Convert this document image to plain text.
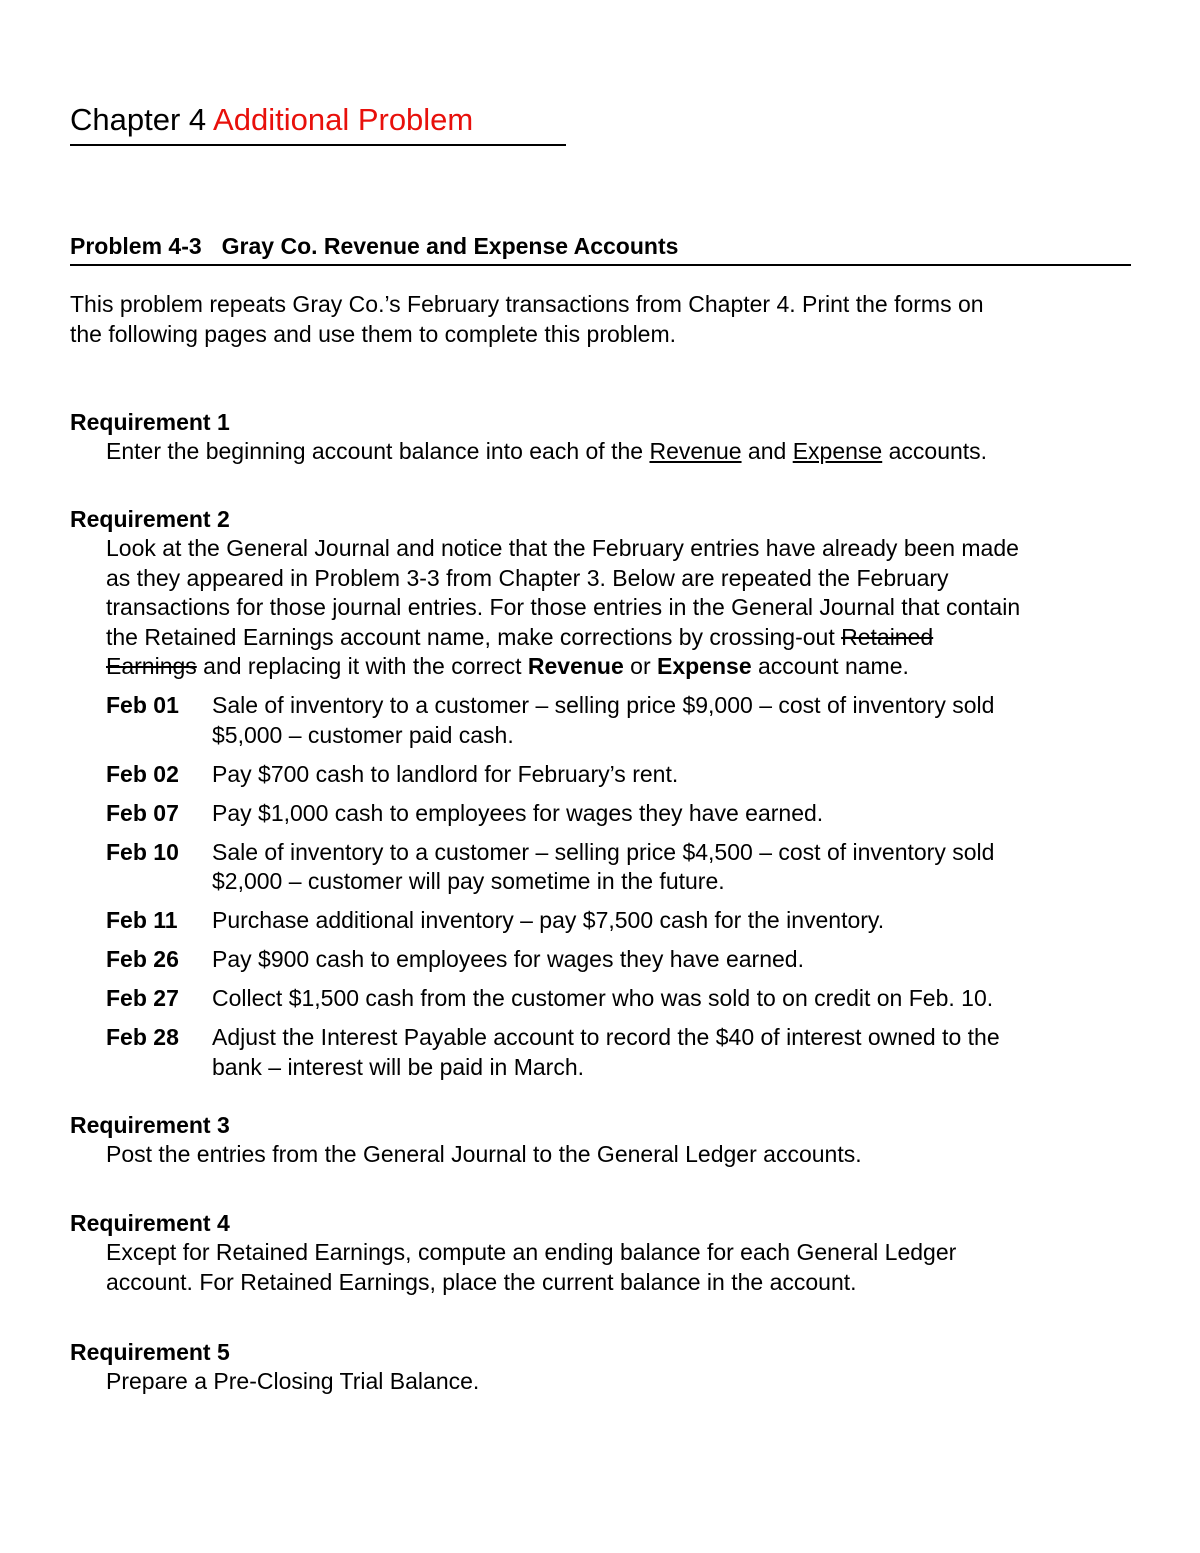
Chapter 4 Additional Problem
Problem 4-3 Gray Co. Revenue and Expense Accounts
This problem repeats Gray Co.’s February transactions from Chapter 4. Print the forms on
the following pages and use them to complete this problem.
Requirement 1
Enter the beginning account balance into each of the Revenue and Expense accounts.
Requirement 2
Look at the General Journal and notice that the February entries have already been made
as they appeared in Problem 3-3 from Chapter 3. Below are repeated the February
transactions for those journal entries. For those entries in the General Journal that contain
the Retained Earnings account name, make corrections by crossing-out Retained
Earnings and replacing it with the correct Revenue or Expense account name.
Feb 01	Sale of inventory to a customer – selling price $9,000 – cost of inventory sold
$5,000 – customer paid cash.
Feb 02	Pay $700 cash to landlord for February’s rent.
Feb 07	Pay $1,000 cash to employees for wages they have earned.
Feb 10	Sale of inventory to a customer – selling price $4,500 – cost of inventory sold
$2,000 – customer will pay sometime in the future.
Feb 11	Purchase additional inventory – pay $7,500 cash for the inventory.
Feb 26	Pay $900 cash to employees for wages they have earned.
Feb 27	Collect $1,500 cash from the customer who was sold to on credit on Feb. 10.
Feb 28	Adjust the Interest Payable account to record the $40 of interest owned to the
bank – interest will be paid in March.
Requirement 3
Post the entries from the General Journal to the General Ledger accounts.
Requirement 4
Except for Retained Earnings, compute an ending balance for each General Ledger
account. For Retained Earnings, place the current balance in the account.
Requirement 5
Prepare a Pre-Closing Trial Balance.
